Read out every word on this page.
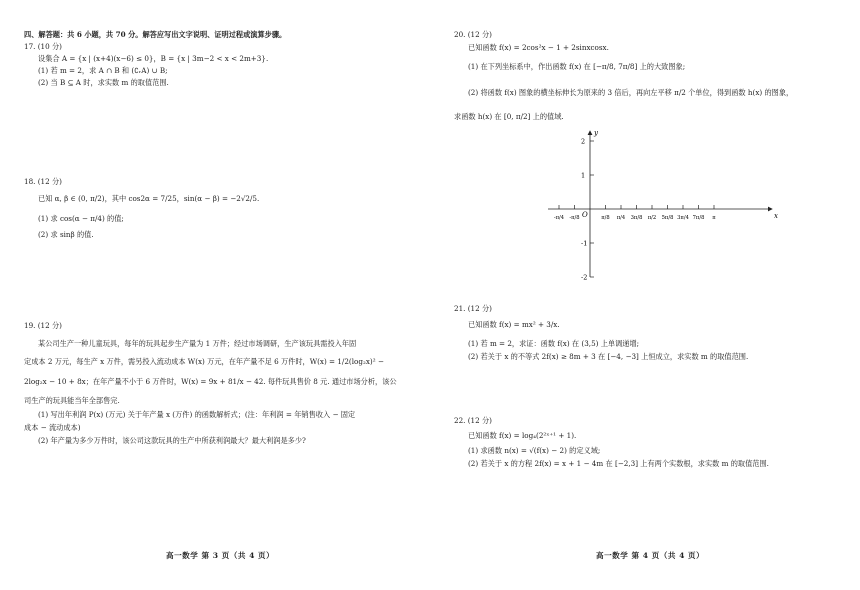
四、解答题：共 6 小题，共 70 分。解答应写出文字说明、证明过程或演算步骤。
17. (10 分)
设集合 A = {x | (x+4)(x−6) ≤ 0}，B = {x | 3m−2 < x < 2m+3}.
(1) 若 m = 2，求 A ∩ B 和 (∁ᵣA) ∪ B;
(2) 当 B ⊆ A 时，求实数 m 的取值范围.
18. (12 分)
已知 α, β ∈ (0, π/2)，其中 cos2α = 7/25，sin(α − β) = −2√2/5.
(1) 求 cos(α − π/4) 的值;
(2) 求 sinβ 的值.
19. (12 分)
某公司生产一种儿童玩具，每年的玩具起步生产量为 1 万件；经过市场调研，生产该玩具需投入年固
定成本 2 万元，每生产 x 万件，需另投入流动成本 W(x) 万元，在年产量不足 6 万件时，W(x) = 1/2(log₂x)² −
2log₂x − 10 + 8x；在年产量不小于 6 万件时，W(x) = 9x + 81/x − 42. 每件玩具售价 8 元. 通过市场分析，该公
司生产的玩具能当年全部售完.
(1) 写出年利润 P(x) (万元) 关于年产量 x (万件) 的函数解析式；(注：年利润 = 年销售收入 − 固定
成本 − 流动成本)
(2) 年产量为多少万件时，该公司这款玩具的生产中所获利润最大？最大利润是多少?
高一数学 第 3 页（共 4 页）
20. (12 分)
已知函数 f(x) = 2cos²x − 1 + 2sinxcosx.
(1) 在下列坐标系中，作出函数 f(x) 在 [−π/8, 7π/8] 上的大致图象;
(2) 将函数 f(x) 图象的横坐标伸长为原来的 3 倍后，再向左平移 π/2 个单位，得到函数 h(x) 的图象，
求函数 h(x) 在 [0, π/2] 上的值域.
y
x
O
2
1
-1
-2
-π/4 -π/8	π/8 π/4 3π/8 π/2 5π/8 3π/4 7π/8 π
21. (12 分)
已知函数 f(x) = mx² + 3/x.
(1) 若 m = 2，求证：函数 f(x) 在 (3,5) 上单调递增;
(2) 若关于 x 的不等式 2f(x) ≥ 8m + 3 在 [−4, −3] 上恒成立，求实数 m 的取值范围.
22. (12 分)
已知函数 f(x) = log₄(2²ˣ⁺¹ + 1).
(1) 求函数 n(x) = √(f(x) − 2) 的定义域;
(2) 若关于 x 的方程 2f(x) = x + 1 − 4m 在 [−2,3] 上有两个实数根，求实数 m 的取值范围.
高一数学 第 4 页（共 4 页）
